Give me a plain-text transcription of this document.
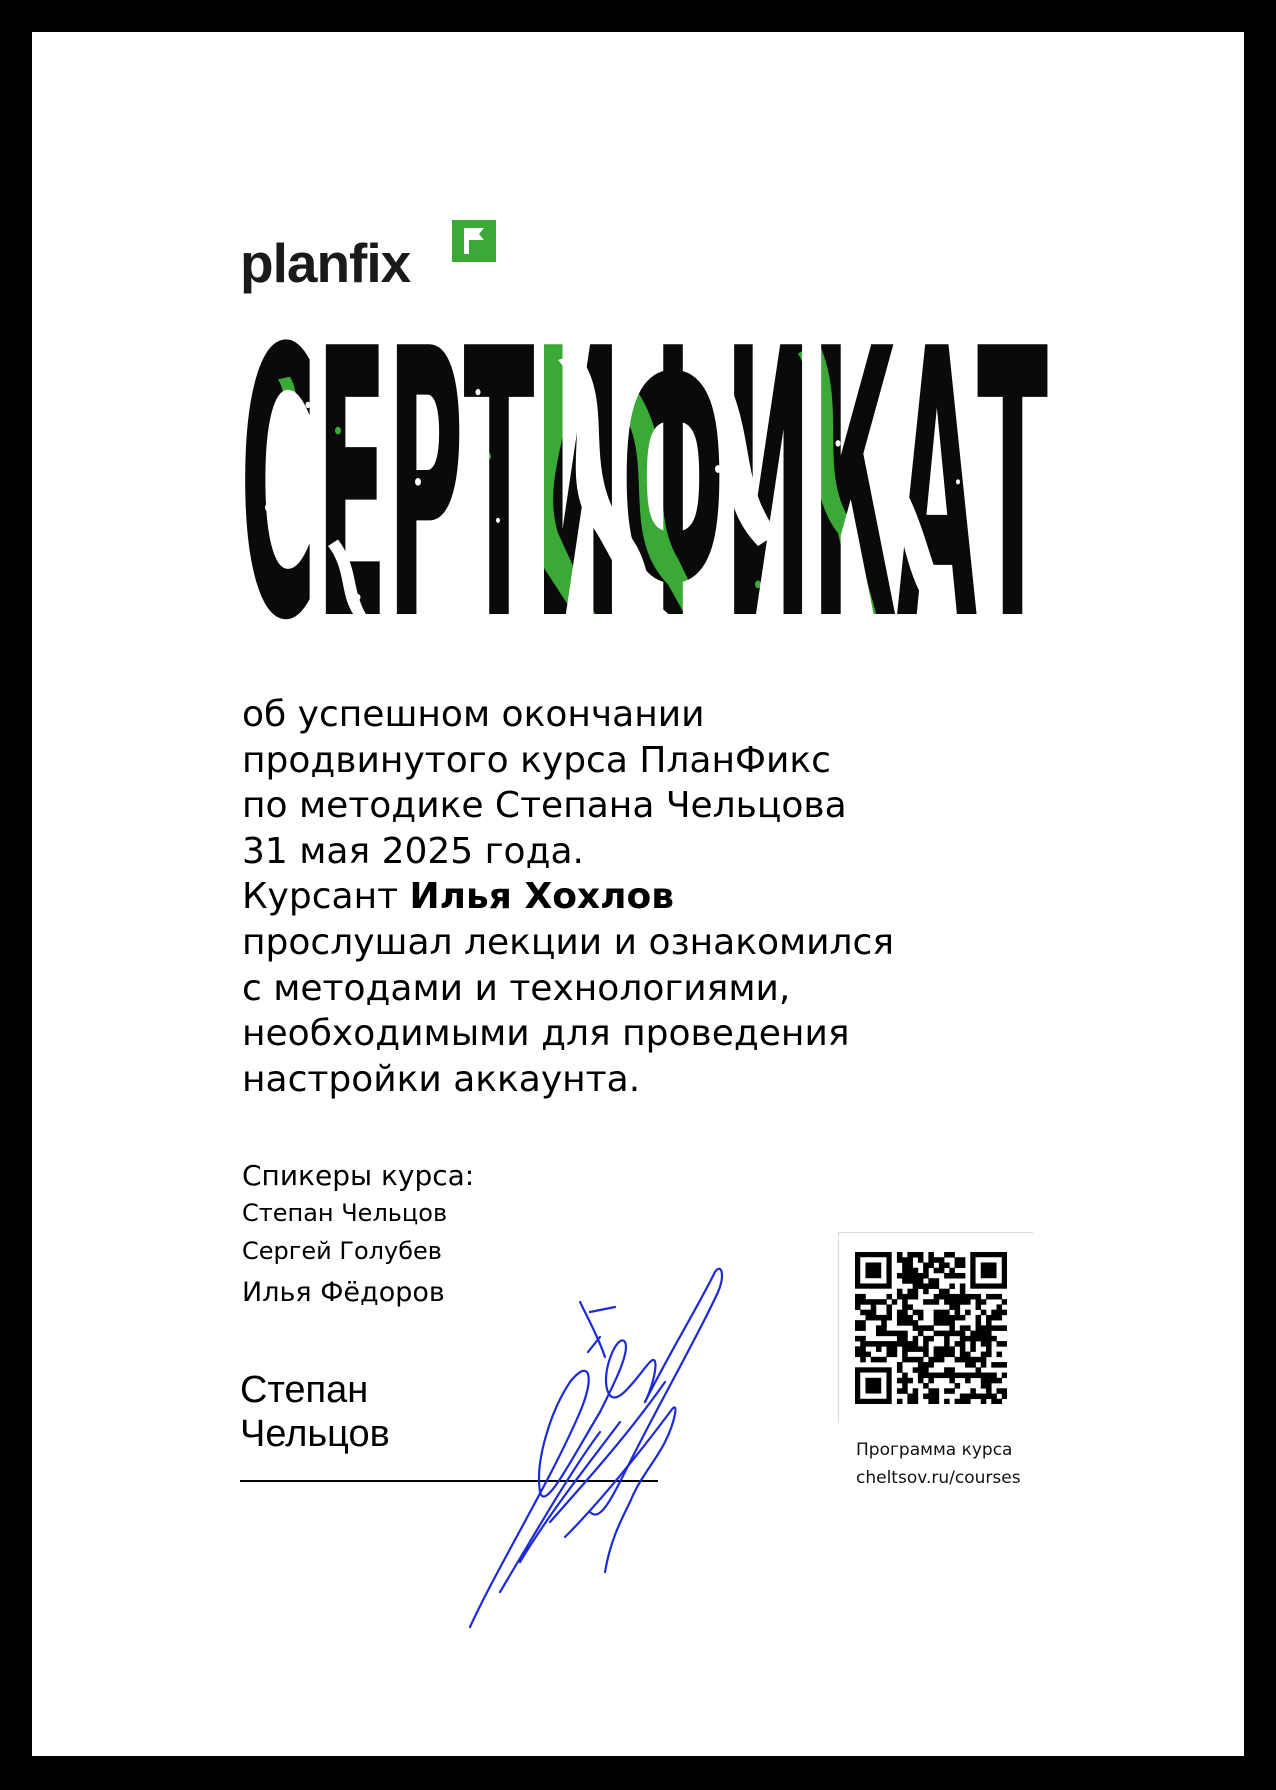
planfix
об успешном окончании
продвинутого курса ПланФикс
по методике Степана Чельцова
31 мая 2025 года.
Курсант Илья Хохлов
прослушал лекции и ознакомился
с методами и технологиями,
необходимыми для проведения
настройки аккаунта.
Спикеры курса:
Степан Чельцов
Сергей Голубев
Илья Фёдоров
Степан
Чельцов	Программа курса
cheltsov.ru/courses
